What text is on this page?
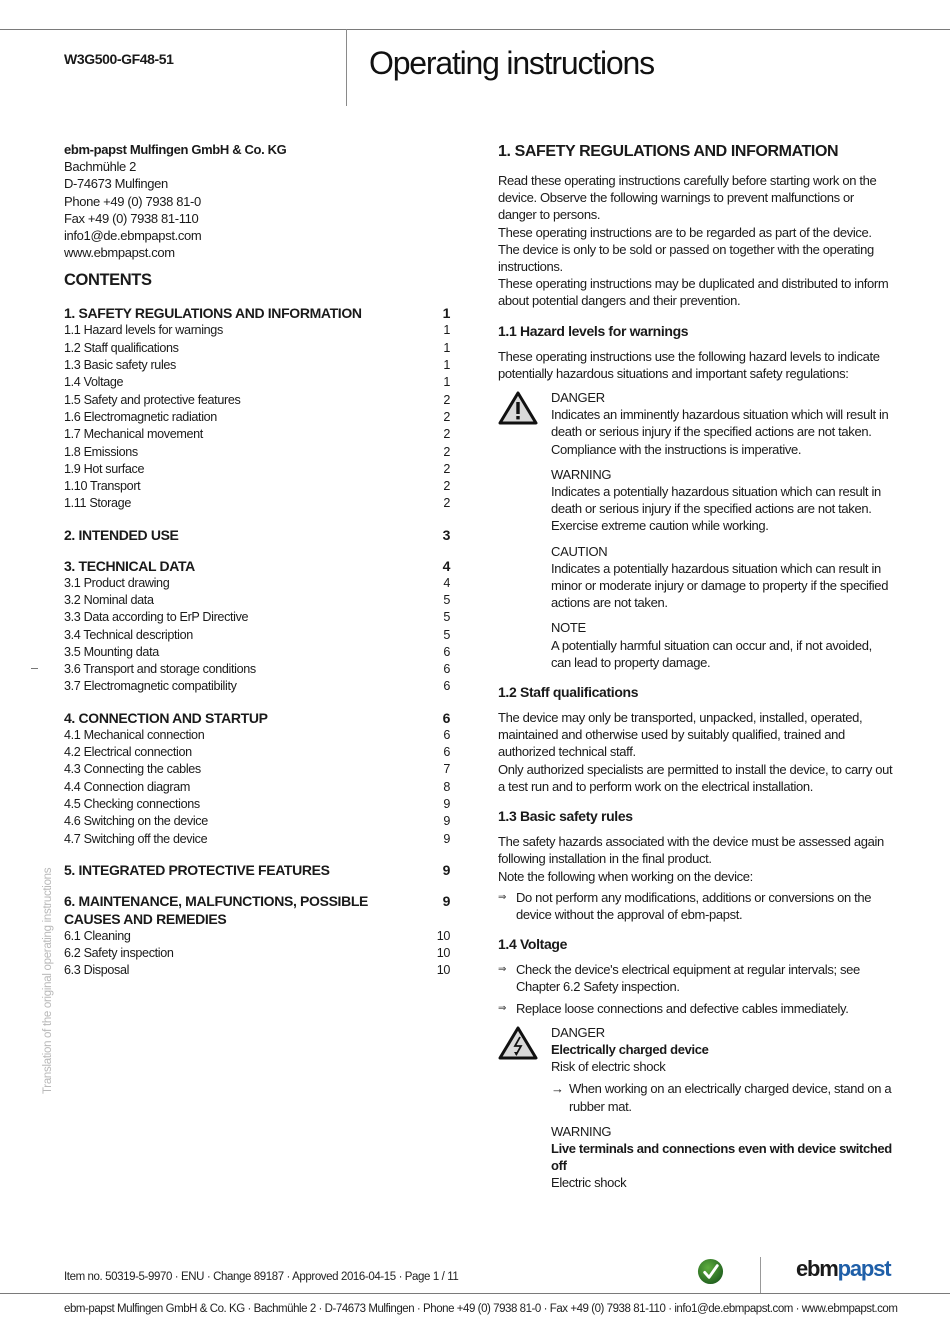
W3G500-GF48-51	Operating instructions
ebm-papst Mulfingen GmbH & Co. KG
Bachmühle 2
D-74673 Mulfingen
Phone +49 (0) 7938 81-0
Fax +49 (0) 7938 81-110
info1@de.ebmpapst.com
www.ebmpapst.com
CONTENTS
1. SAFETY REGULATIONS AND INFORMATION	1
1.1 Hazard levels for warnings	1
1.2 Staff qualifications	1
1.3 Basic safety rules	1
1.4 Voltage	1
1.5 Safety and protective features	2
1.6 Electromagnetic radiation	2
1.7 Mechanical movement	2
1.8 Emissions	2
1.9 Hot surface	2
1.10 Transport	2
1.11 Storage	2
2. INTENDED USE	3
3. TECHNICAL DATA	4
3.1 Product drawing	4
3.2 Nominal data	5
3.3 Data according to ErP Directive	5
3.4 Technical description	5
3.5 Mounting data	6
3.6 Transport and storage conditions	6
3.7 Electromagnetic compatibility	6
4. CONNECTION AND STARTUP	6
4.1 Mechanical connection	6
4.2 Electrical connection	6
4.3 Connecting the cables	7
4.4 Connection diagram	8
4.5 Checking connections	9
4.6 Switching on the device	9
4.7 Switching off the device	9
5. INTEGRATED PROTECTIVE FEATURES	9
6. MAINTENANCE, MALFUNCTIONS, POSSIBLE CAUSES AND REMEDIES
9
6.1 Cleaning	10
6.2 Safety inspection	10
6.3 Disposal	10
Translation of the original operating instructions
1. SAFETY REGULATIONS AND INFORMATION
Read these operating instructions carefully before starting work on the device. Observe the following warnings to prevent malfunctions or danger to persons.
These operating instructions are to be regarded as part of the device. The device is only to be sold or passed on together with the operating instructions.
These operating instructions may be duplicated and distributed to inform about potential dangers and their prevention.
1.1 Hazard levels for warnings
These operating instructions use the following hazard levels to indicate potentially hazardous situations and important safety regulations:
DANGER
Indicates an imminently hazardous situation which will result in death or serious injury if the specified actions are not taken. Compliance with the instructions is imperative.
WARNING
Indicates a potentially hazardous situation which can result in death or serious injury if the specified actions are not taken. Exercise extreme caution while working.
CAUTION
Indicates a potentially hazardous situation which can result in minor or moderate injury or damage to property if the specified actions are not taken.
NOTE
A potentially harmful situation can occur and, if not avoided, can lead to property damage.
1.2 Staff qualifications
The device may only be transported, unpacked, installed, operated, maintained and otherwise used by suitably qualified, trained and authorized technical staff.
Only authorized specialists are permitted to install the device, to carry out a test run and to perform work on the electrical installation.
1.3 Basic safety rules
The safety hazards associated with the device must be assessed again following installation in the final product.
Note the following when working on the device:
⇒ Do not perform any modifications, additions or conversions on the device without the approval of ebm-papst.
1.4 Voltage
⇒ Check the device's electrical equipment at regular intervals; see Chapter 6.2 Safety inspection.
⇒ Replace loose connections and defective cables immediately.
DANGER
Electrically charged device
Risk of electric shock
→ When working on an electrically charged device, stand on a rubber mat.
WARNING
Live terminals and connections even with device switched off
Electric shock
Item no. 50319-5-9970 · ENU · Change 89187 · Approved 2016-04-15 · Page 1 / 11	ebmpapst
ebm-papst Mulfingen GmbH & Co. KG · Bachmühle 2 · D-74673 Mulfingen · Phone +49 (0) 7938 81-0 · Fax +49 (0) 7938 81-110 · info1@de.ebmpapst.com · www.ebmpapst.com
